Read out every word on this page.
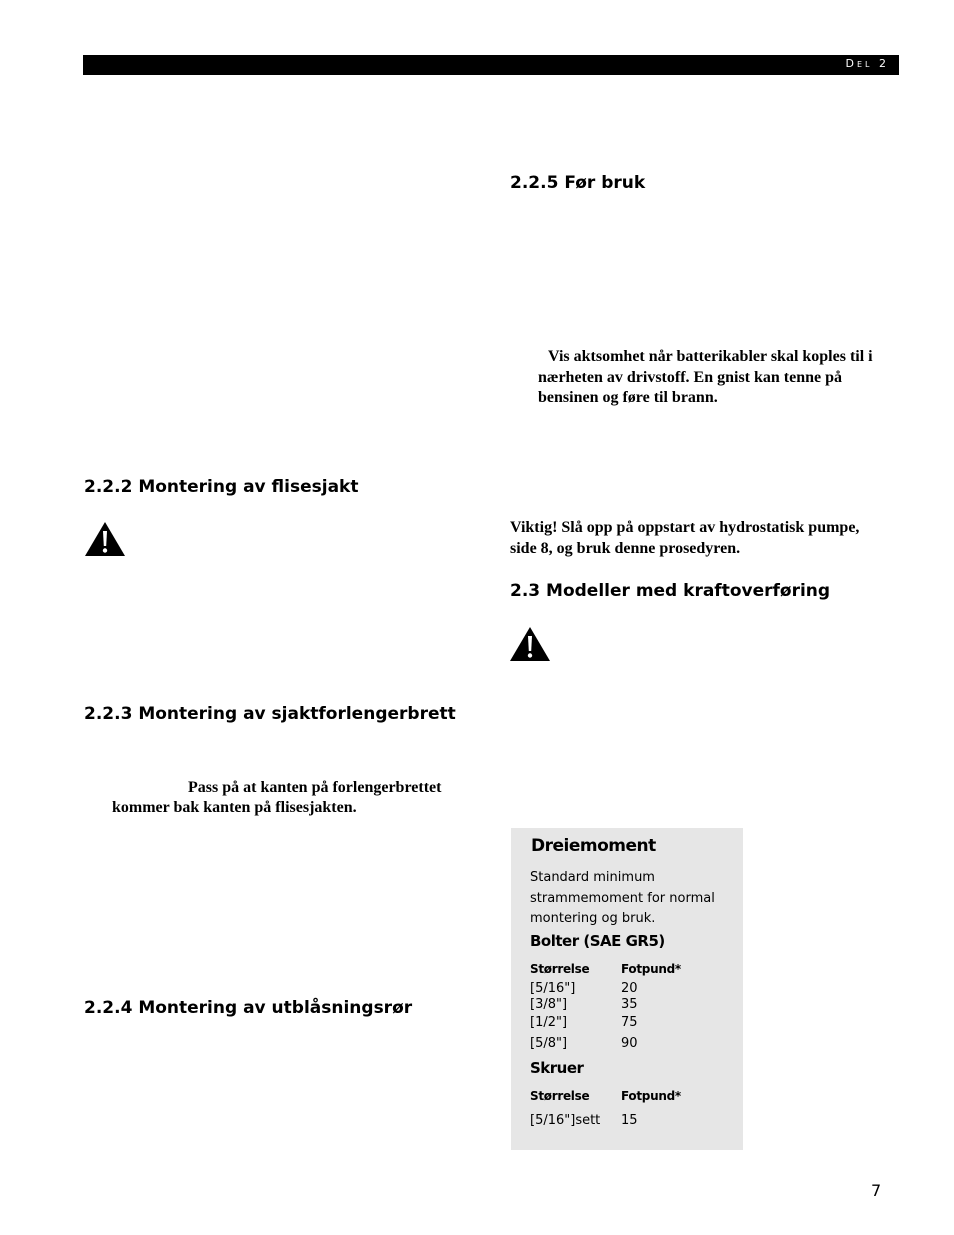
Del 2
2.2.5 Før bruk
Vis aktsomhet når batterikabler skal koples til i
nærheten av drivstoff. En gnist kan tenne på
bensinen og føre til brann.
Viktig! Slå opp på oppstart av hydrostatisk pumpe,
side 8, og bruk denne prosedyren.
2.3 Modeller med kraftoverføring
2.2.2 Montering av flisesjakt
2.2.3 Montering av sjaktforlengerbrett
Pass på at kanten på forlengerbrettet
kommer bak kanten på flisesjakten.
2.2.4 Montering av utblåsningsrør
Dreiemoment
Standard minimum
strammemoment for normal
montering og bruk.
Bolter (SAE GR5)
Størrelse	Fotpund*
[5/16"]	20
[3/8"]	35
[1/2"]	75
[5/8"]	90
Skruer
Størrelse	Fotpund*
[5/16"]sett 15
7
